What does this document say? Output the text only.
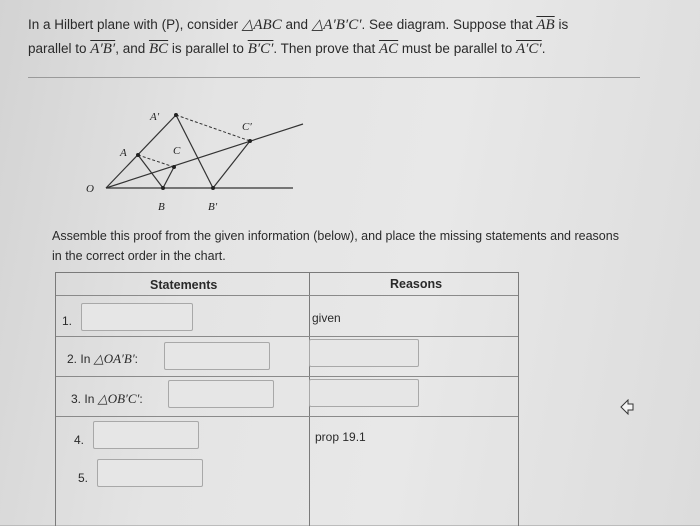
In a Hilbert plane with (P), consider △ABC and △A′B′C′. See diagram. Suppose that $\overline{AB}$ is
parallel to A′B′, and $\overline{BC}$ is parallel to B′C′. Then prove that $\overline{AC}$ must be parallel to A′C′.
O
A
A′
B	B′
C
C′
Assemble this proof from the given information (below), and place the missing statements and reasons in the correct order in the chart.
Statements	Reasons
1.	given
2. In △OA′B′:
3. In △OB′C′:
4.	prop 19.1
5.
